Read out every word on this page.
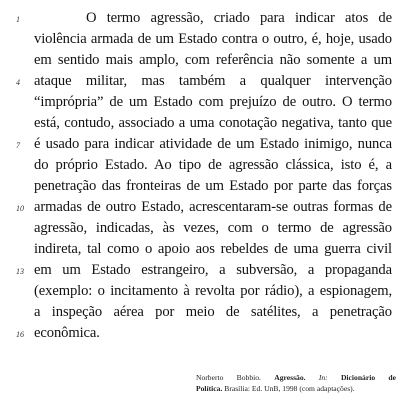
1
4
7
10
13
16
O termo agressão, criado para indicar atos de
violência armada de um Estado contra o outro, é, hoje, usado
em sentido mais amplo, com referência não somente a um
ataque militar, mas também a qualquer intervenção
“imprópria” de um Estado com prejuízo de outro. O termo
está, contudo, associado a uma conotação negativa, tanto que
é usado para indicar atividade de um Estado inimigo, nunca
do próprio Estado. Ao tipo de agressão clássica, isto é, a
penetração das fronteiras de um Estado por parte das forças
armadas de outro Estado, acrescentaram-se outras formas de
agressão, indicadas, às vezes, com o termo de agressão
indireta, tal como o apoio aos rebeldes de uma guerra civil
em um Estado estrangeiro, a subversão, a propaganda
(exemplo: o incitamento à revolta por rádio), a espionagem,
a inspeção aérea por meio de satélites, a penetração
econômica.
Norberto Bobbio. Agressão. In: Dicionário de
Política. Brasília: Ed. UnB, 1998 (com adaptações).
